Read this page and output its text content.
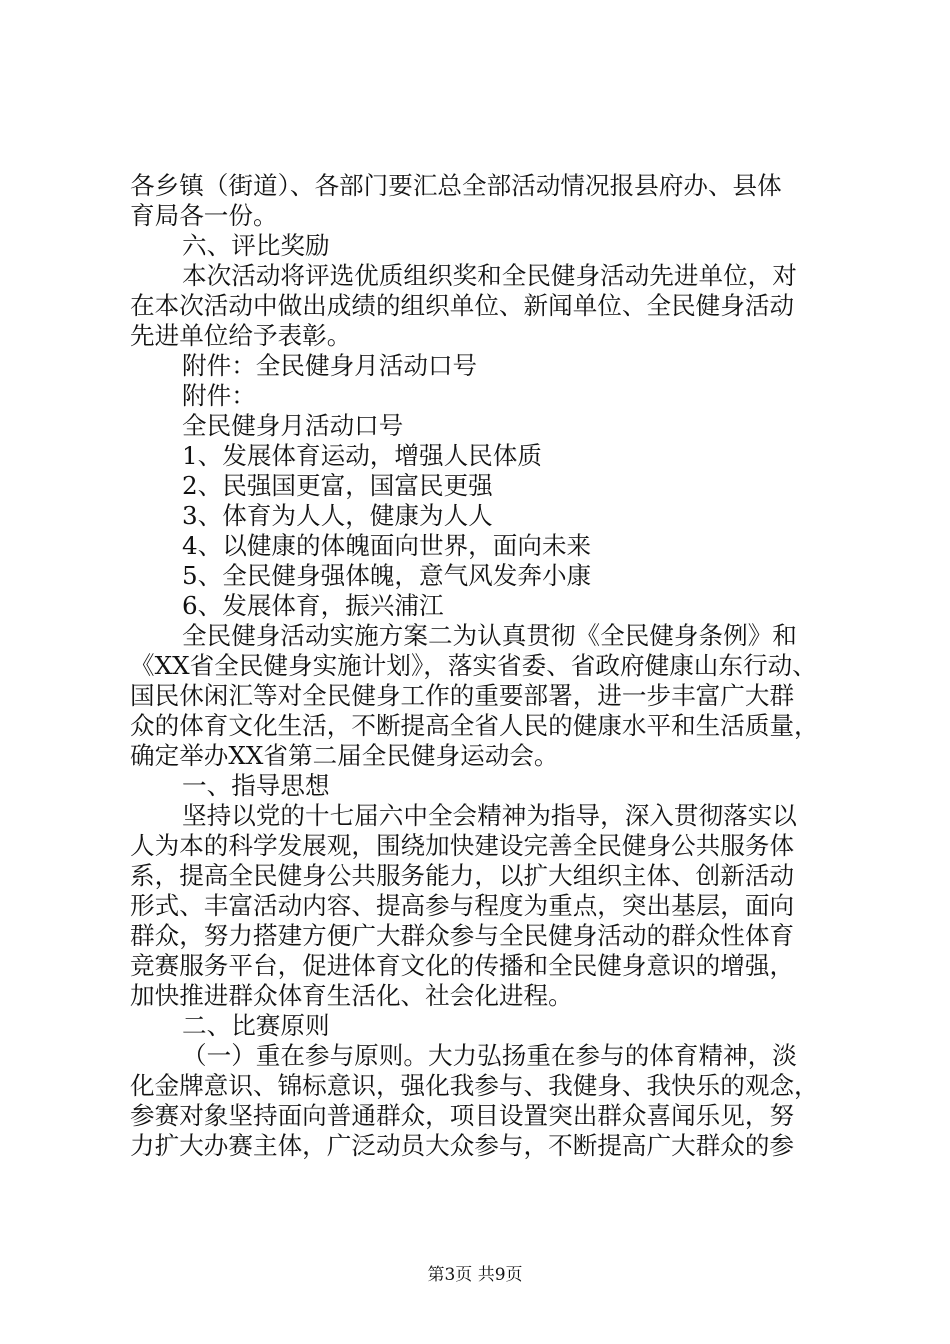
各乡镇（街道）、各部门要汇总全部活动情况报县府办、县体
育局各一份。
六、评比奖励
本次活动将评选优质组织奖和全民健身活动先进单位，对
在本次活动中做出成绩的组织单位、新闻单位、全民健身活动
先进单位给予表彰。
附件：全民健身月活动口号
附件：
全民健身月活动口号
1、发展体育运动，增强人民体质
2、民强国更富，国富民更强
3、体育为人人，健康为人人
4、以健康的体魄面向世界，面向未来
5、全民健身强体魄，意气风发奔小康
6、发展体育，振兴浦江
全民健身活动实施方案二为认真贯彻《全民健身条例》和
《XX省全民健身实施计划》，落实省委、省政府健康山东行动、
国民休闲汇等对全民健身工作的重要部署，进一步丰富广大群
众的体育文化生活，不断提高全省人民的健康水平和生活质量，
确定举办XX省第二届全民健身运动会。
一、指导思想
坚持以党的十七届六中全会精神为指导，深入贯彻落实以
人为本的科学发展观，围绕加快建设完善全民健身公共服务体
系，提高全民健身公共服务能力，以扩大组织主体、创新活动
形式、丰富活动内容、提高参与程度为重点，突出基层，面向
群众，努力搭建方便广大群众参与全民健身活动的群众性体育
竞赛服务平台，促进体育文化的传播和全民健身意识的增强，
加快推进群众体育生活化、社会化进程。
二、比赛原则
（一）重在参与原则。大力弘扬重在参与的体育精神，淡
化金牌意识、锦标意识，强化我参与、我健身、我快乐的观念，
参赛对象坚持面向普通群众，项目设置突出群众喜闻乐见，努
力扩大办赛主体，广泛动员大众参与，不断提高广大群众的参
第3页 共9页
